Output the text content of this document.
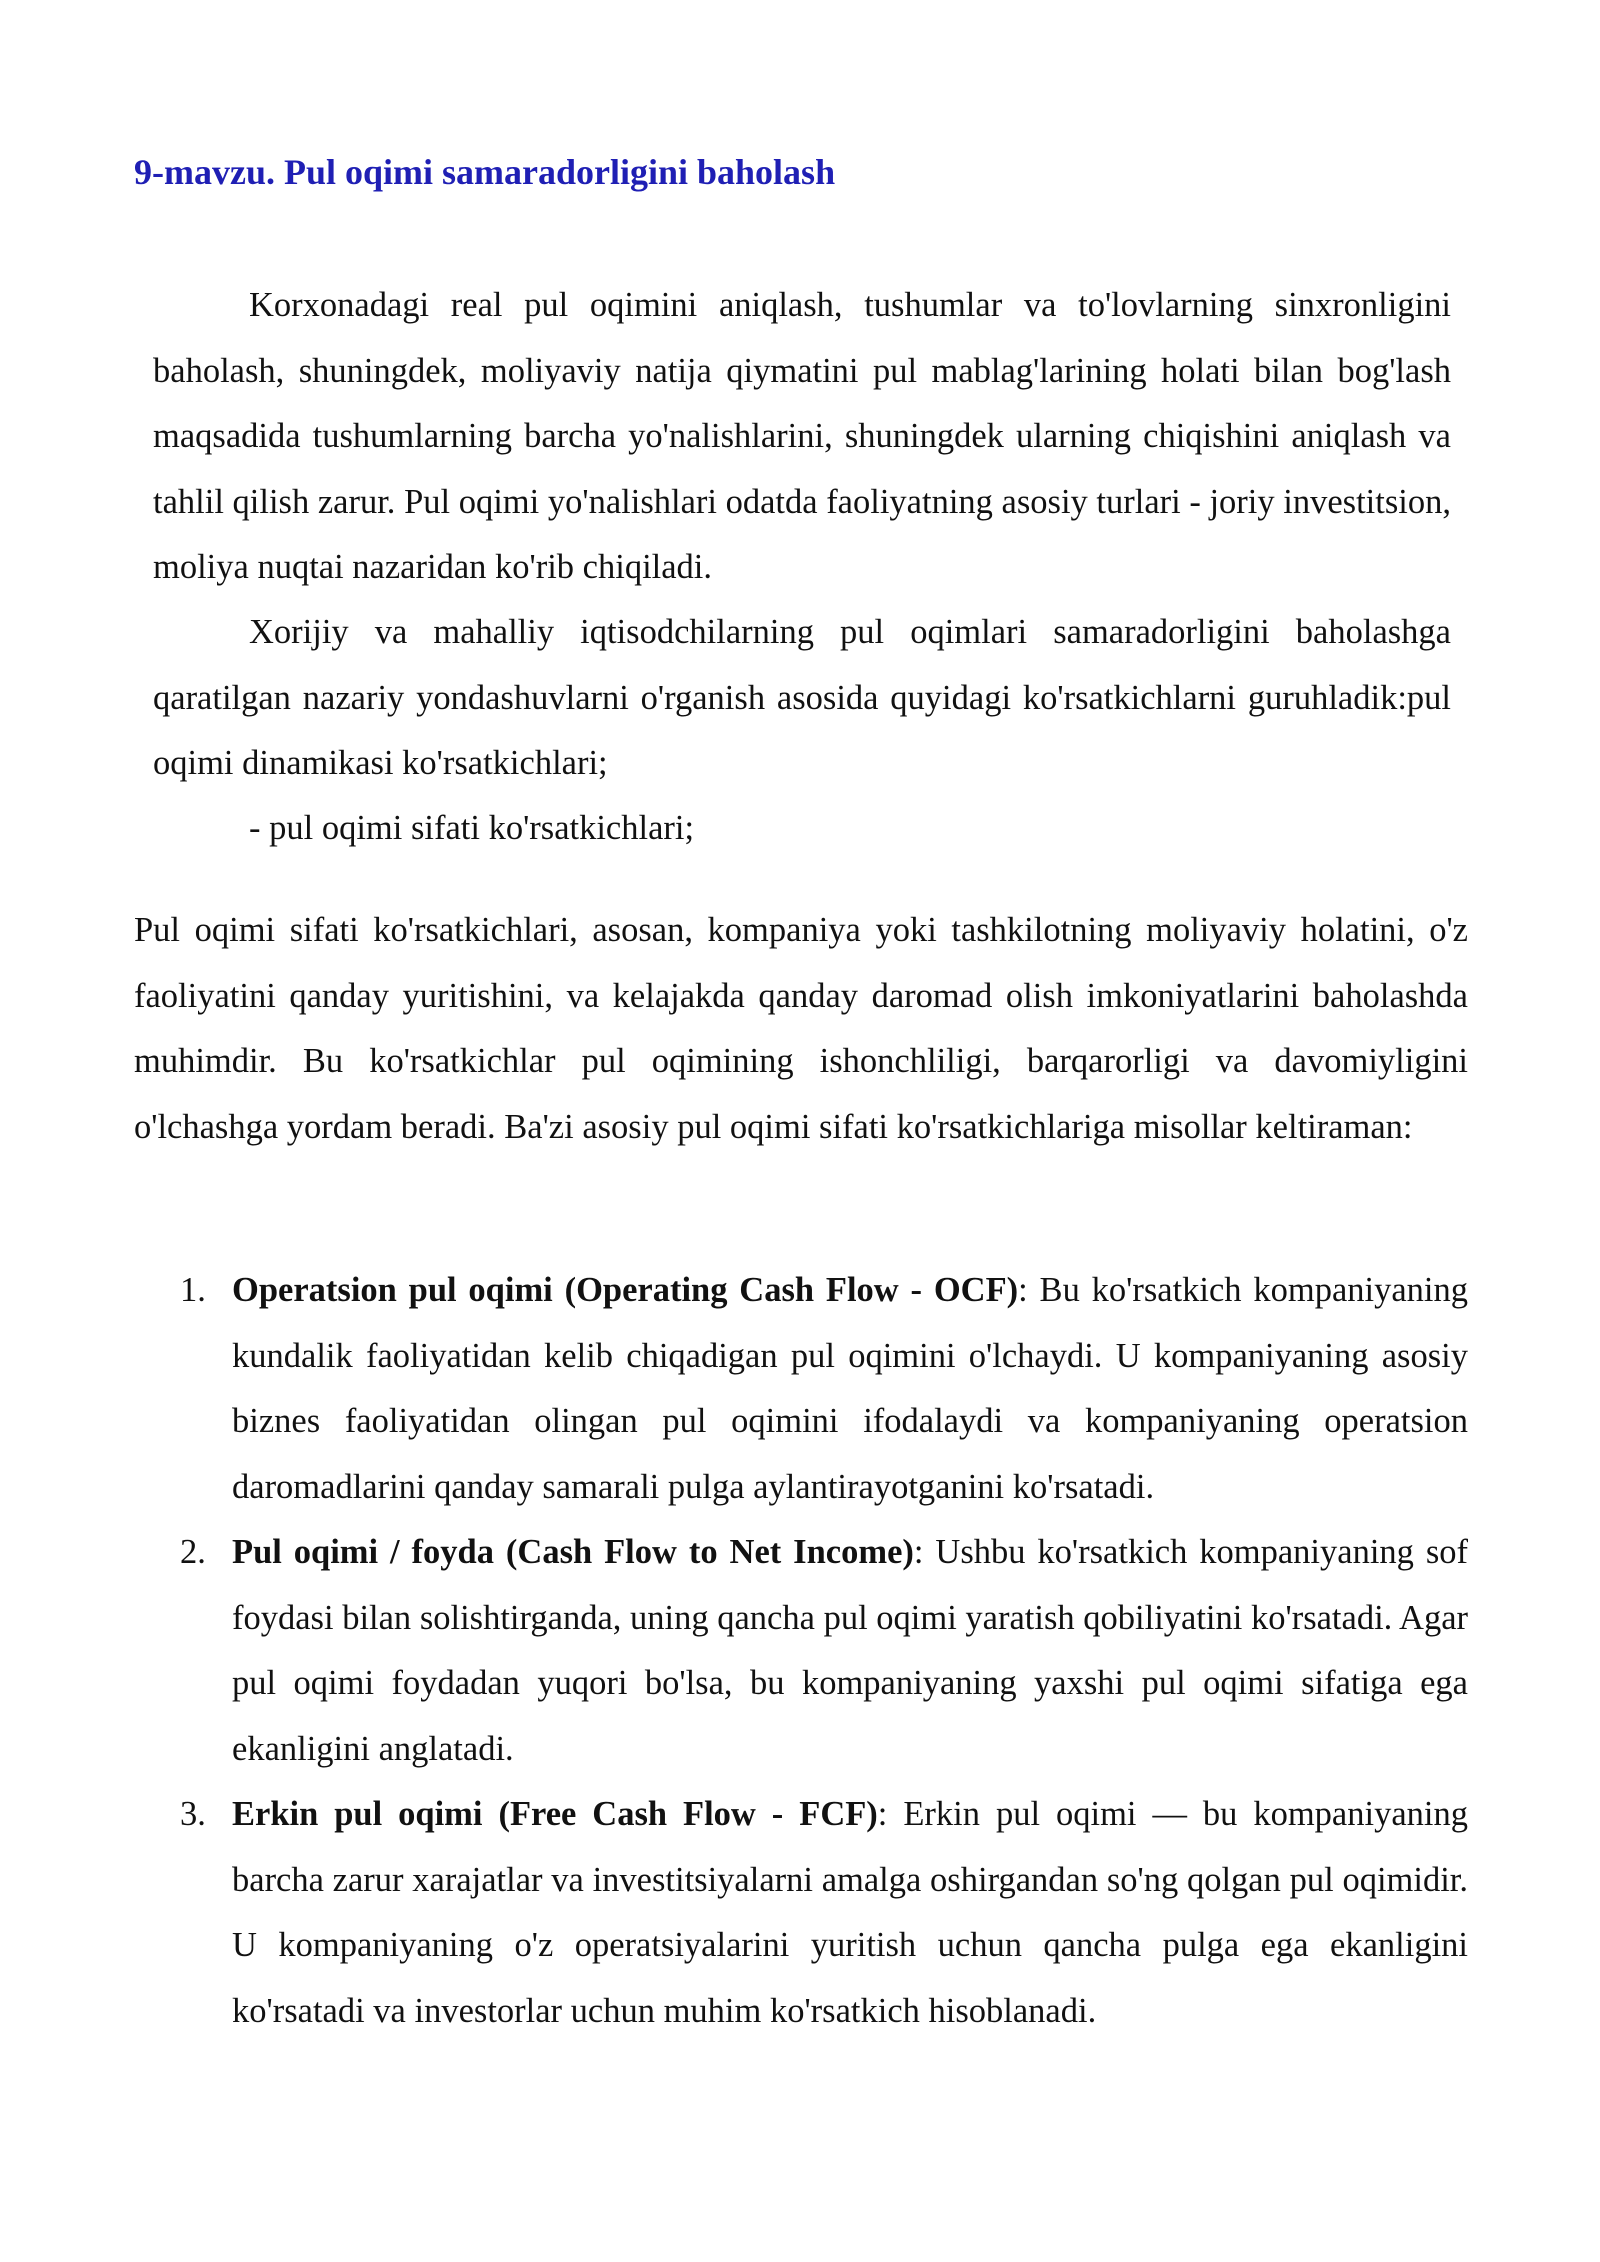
9-mavzu. Pul oqimi samaradorligini baholash

Korxonadagi real pul oqimini aniqlash, tushumlar va to'lovlarning sinxronligini baholash, shuningdek, moliyaviy natija qiymatini pul mablag'larining holati bilan bog'lash maqsadida tushumlarning barcha yo'nalishlarini, shuningdek ularning chiqishini aniqlash va tahlil qilish zarur. Pul oqimi yo'nalishlari odatda faoliyatning asosiy turlari - joriy investitsion, moliya nuqtai nazaridan ko'rib chiqiladi.

Xorijiy va mahalliy iqtisodchilarning pul oqimlari samaradorligini baholashga qaratilgan nazariy yondashuvlarni o'rganish asosida quyidagi ko'rsatkichlarni guruhladik:pul oqimi dinamikasi ko'rsatkichlari;

- pul oqimi sifati ko'rsatkichlari;

Pul oqimi sifati ko'rsatkichlari, asosan, kompaniya yoki tashkilotning moliyaviy holatini, o'z faoliyatini qanday yuritishini, va kelajakda qanday daromad olish imkoniyatlarini baholashda muhimdir. Bu ko'rsatkichlar pul oqimining ishonchliligi, barqarorligi va davomiyligini o'lchashga yordam beradi. Ba'zi asosiy pul oqimi sifati ko'rsatkichlariga misollar keltiraman:

1. Operatsion pul oqimi (Operating Cash Flow - OCF): Bu ko'rsatkich kompaniyaning kundalik faoliyatidan kelib chiqadigan pul oqimini o'lchaydi. U kompaniyaning asosiy biznes faoliyatidan olingan pul oqimini ifodalaydi va kompaniyaning operatsion daromadlarini qanday samarali pulga aylantirayotganini ko'rsatadi.
2. Pul oqimi / foyda (Cash Flow to Net Income): Ushbu ko'rsatkich kompaniyaning sof foydasi bilan solishtirganda, uning qancha pul oqimi yaratish qobiliyatini ko'rsatadi. Agar pul oqimi foydadan yuqori bo'lsa, bu kompaniyaning yaxshi pul oqimi sifatiga ega ekanligini anglatadi.
3. Erkin pul oqimi (Free Cash Flow - FCF): Erkin pul oqimi — bu kompaniyaning barcha zarur xarajatlar va investitsiyalarni amalga oshirgandan so'ng qolgan pul oqimidir. U kompaniyaning o'z operatsiyalarini yuritish uchun qancha pulga ega ekanligini ko'rsatadi va investorlar uchun muhim ko'rsatkich hisoblanadi.
